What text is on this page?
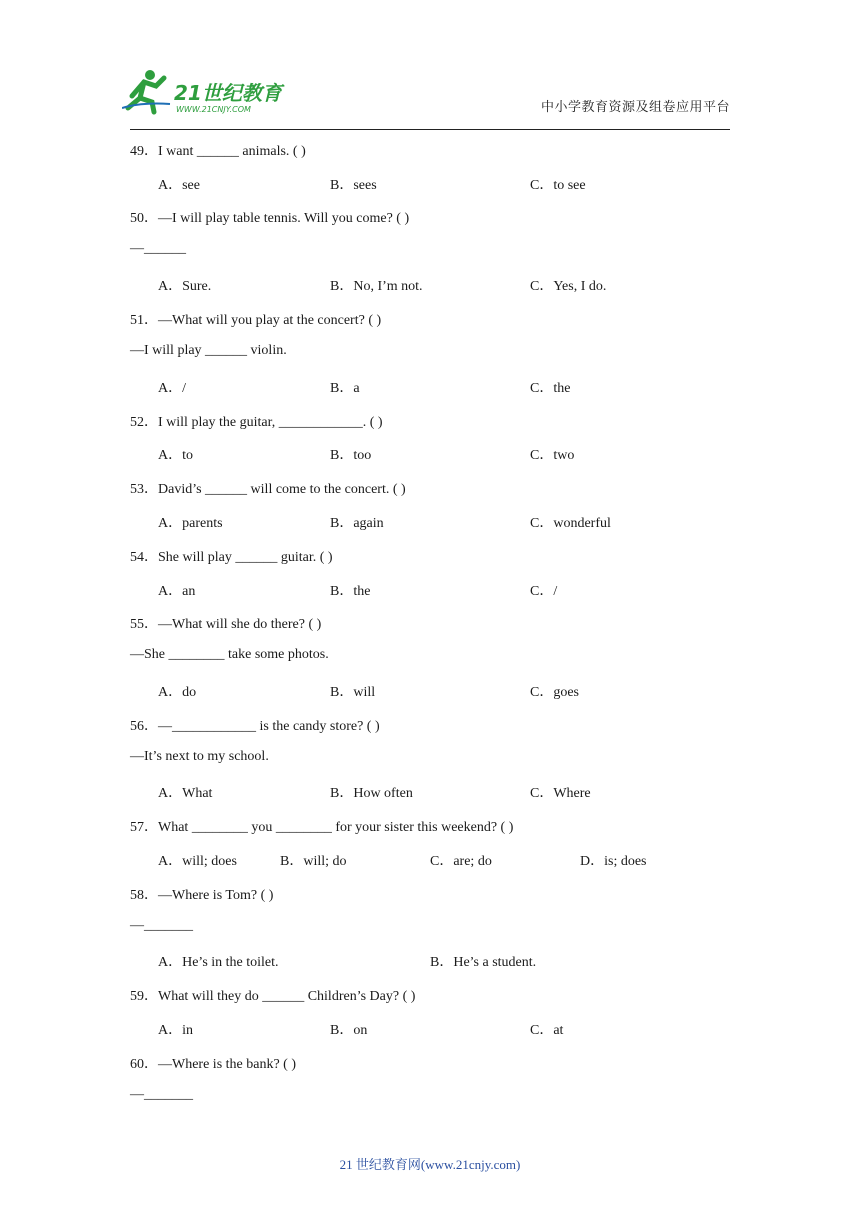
21世纪教育
WWW.21CNJY.COM	中小学教育资源及组卷应用平台
49．I want ______ animals. ( )
A．see	B．sees	C．to see
50．—I will play table tennis. Will you come? ( )
—______
A．Sure.	B．No, I’m not.	C．Yes, I do.
51．—What will you play at the concert? ( )
—I will play ______ violin.
A．/	B．a	C．the
52．I will play the guitar, ____________. ( )
A．to	B．too	C．two
53．David’s ______ will come to the concert. ( )
A．parents	B．again	C．wonderful
54．She will play ______ guitar. ( )
A．an	B．the	C．/
55．—What will she do there? ( )
—She ________ take some photos.
A．do	B．will	C．goes
56．—____________ is the candy store? ( )
—It’s next to my school.
A．What	B．How often	C．Where
57．What ________ you ________ for your sister this weekend? ( )
A．will; does	B．will; do	C．are; do	D．is; does
58．—Where is Tom? ( )
—_______
A．He’s in the toilet.	B．He’s a student.
59．What will they do ______ Children’s Day? ( )
A．in	B．on	C．at
60．—Where is the bank? ( )
—_______
21 世纪教育网(www.21cnjy.com)
